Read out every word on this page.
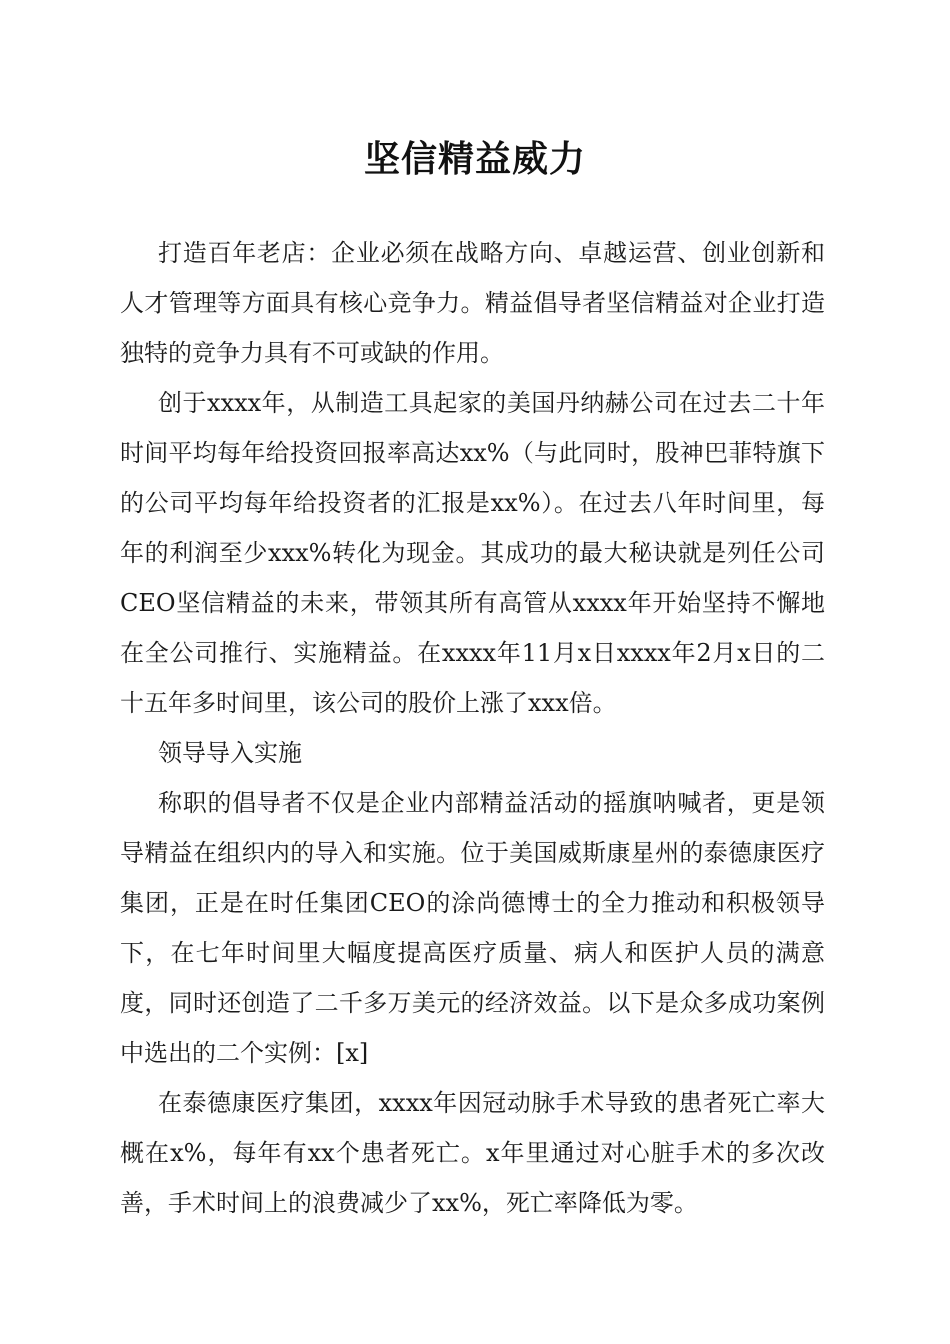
坚信精益威力

打造百年老店：企业必须在战略方向、卓越运营、创业创新和人才管理等方面具有核心竞争力。精益倡导者坚信精益对企业打造独特的竞争力具有不可或缺的作用。

创于xxxx年，从制造工具起家的美国丹纳赫公司在过去二十年时间平均每年给投资回报率高达xx%（与此同时，股神巴菲特旗下的公司平均每年给投资者的汇报是xx%）。在过去八年时间里，每年的利润至少xxx%转化为现金。其成功的最大秘诀就是列任公司CEO坚信精益的未来，带领其所有高管从xxxx年开始坚持不懈地在全公司推行、实施精益。在xxxx年11月x日xxxx年2月x日的二十五年多时间里，该公司的股价上涨了xxx倍。

领导导入实施

称职的倡导者不仅是企业内部精益活动的摇旗呐喊者，更是领导精益在组织内的导入和实施。位于美国威斯康星州的泰德康医疗集团，正是在时任集团CEO的涂尚德博士的全力推动和积极领导下，在七年时间里大幅度提高医疗质量、病人和医护人员的满意度，同时还创造了二千多万美元的经济效益。以下是众多成功案例中选出的二个实例：[x]

在泰德康医疗集团，xxxx年因冠动脉手术导致的患者死亡率大概在x%，每年有xx个患者死亡。x年里通过对心脏手术的多次改善，手术时间上的浪费减少了xx%，死亡率降低为零。
